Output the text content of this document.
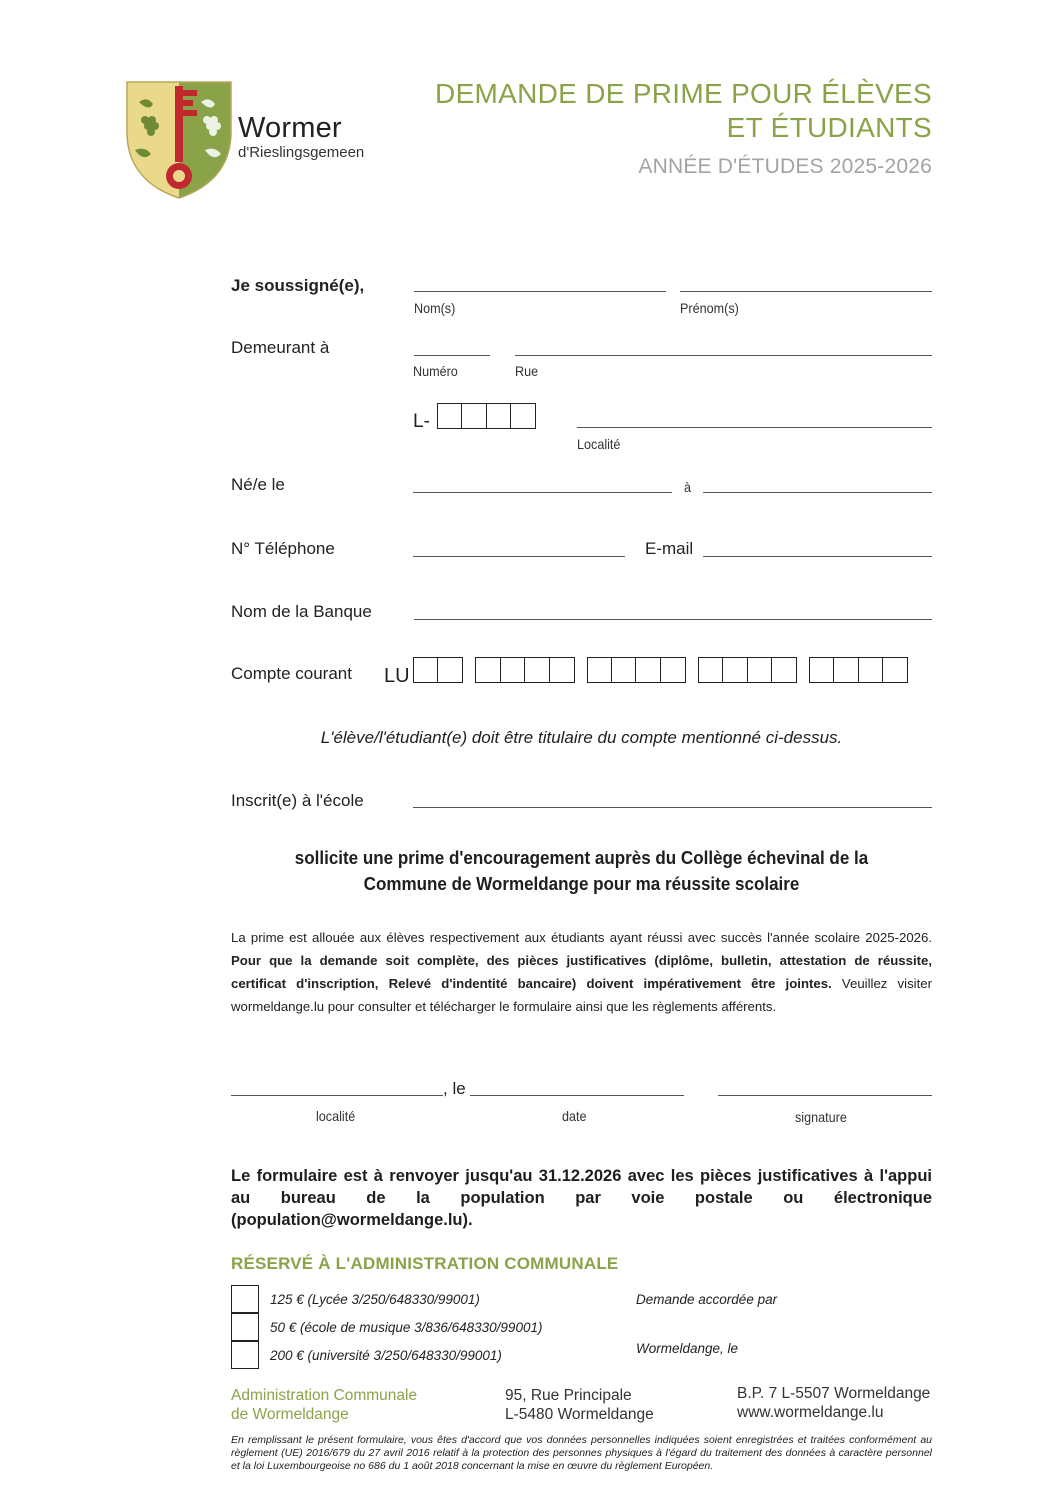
Wormer
d'Rieslingsgemeen
DEMANDE DE PRIME POUR ÉLÈVES
ET ÉTUDIANTS
ANNÉE D'ÉTUDES 2025-2026
Je soussigné(e),
Nom(s)	Prénom(s)
Demeurant à
Numéro	Rue
L-
Localité
Né/e le	à
N° Téléphone	E-mail
Nom de la Banque
Compte courant LU
L'élève/l'étudiant(e) doit être titulaire du compte mentionné ci-dessus.
Inscrit(e) à l'école
sollicite une prime d'encouragement auprès du Collège échevinal de la
Commune de Wormeldange pour ma réussite scolaire
La prime est allouée aux élèves respectivement aux étudiants ayant réussi avec succès l'année scolaire 2025-2026. Pour que la demande soit complète, des pièces justificatives (diplôme, bulletin, attestation de réussite, certificat d'inscription, Relevé d'indentité bancaire) doivent impérativement être jointes. Veuillez visiter wormeldange.lu pour consulter et télécharger le formulaire ainsi que les règlements afférents.
, le
localité	date	signature
Le formulaire est à renvoyer jusqu'au 31.12.2026 avec les pièces justificatives à l'appui
au bureau de la population par voie postale ou électronique (population@wormeldange.lu).
RÉSERVÉ À L'ADMINISTRATION COMMUNALE
125 € (Lycée 3/250/648330/99001)
50 € (école de musique 3/836/648330/99001)
200 € (université 3/250/648330/99001)
Demande accordée par
Wormeldange, le
Administration Communale
de Wormeldange
95, Rue Principale
L-5480 Wormeldange
B.P. 7 L-5507 Wormeldange
www.wormeldange.lu
En remplissant le présent formulaire, vous êtes d'accord que vos données personnelles indiquées soient enregistrées et traitées conformément au règlement (UE) 2016/679 du 27 avril 2016 relatif à la protection des personnes physiques à l'égard du traitement des données à caractère personnel et la loi Luxembourgeoise no 686 du 1 août 2018 concernant la mise en œuvre du règlement Européen.
